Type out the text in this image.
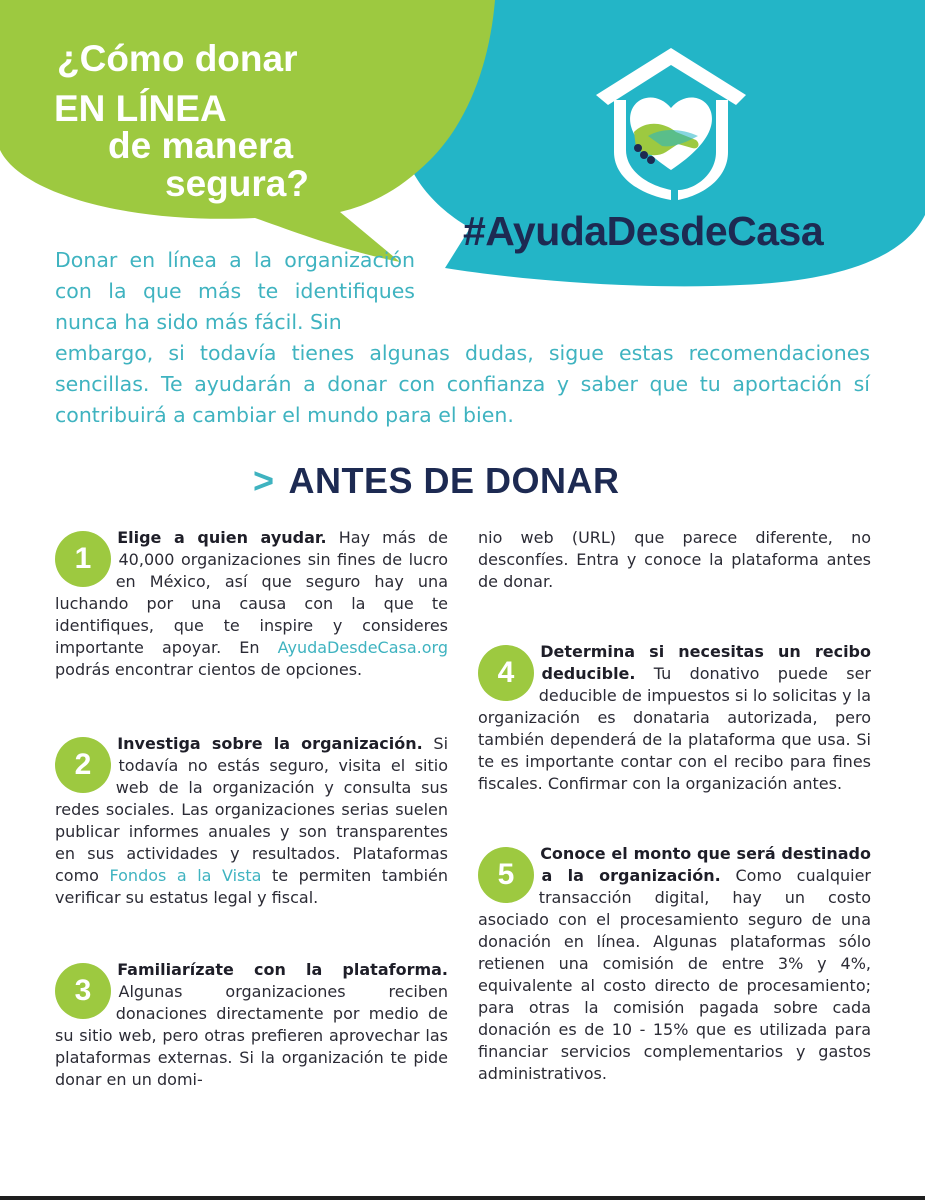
¿Cómo donar
EN LÍNEA
de manera
segura?
#AyudaDesdeCasa
Donar en línea a la organización con la que más te identifiques nunca ha sido más fácil. Sin
embargo, si todavía tienes algunas dudas, sigue estas recomendaciones sencillas. Te ayudarán a donar con confianza y saber que tu aportación sí contribuirá a cambiar el mundo para el bien.
> ANTES DE DONAR

1
Elige a quien ayudar. Hay más de 40,000 organizaciones sin fines de lucro en México, así que seguro hay una luchando por una causa con la que te identifiques, que te inspire y consideres importante apoyar. En AyudaDesdeCasa.org podrás encontrar cientos de opciones.

2
Investiga sobre la organización. Si todavía no estás seguro, visita el sitio web de la organización y consulta sus redes sociales. Las organizaciones serias suelen publicar informes anuales y son transparentes en sus actividades y resultados. Plataformas como Fondos a la Vista te permiten también verificar su estatus legal y fiscal.

3
Familiarízate con la plataforma. Algunas organizaciones reciben donaciones directamente por medio de su sitio web, pero otras prefieren aprovechar las plataformas externas. Si la organización te pide donar en un domi-

nio web (URL) que parece diferente, no desconfíes. Entra y conoce la plataforma antes de donar.

4
Determina si necesitas un recibo deducible. Tu donativo puede ser deducible de impuestos si lo solicitas y la organización es donataria autorizada, pero también dependerá de la plataforma que usa. Si te es importante contar con el recibo para fines fiscales. Confirmar con la organización antes.

5
Conoce el monto que será destinado a la organización. Como cualquier transacción digital, hay un costo asociado con el procesamiento seguro de una donación en línea. Algunas plataformas sólo retienen una comisión de entre 3% y 4%, equivalente al costo directo de procesamiento; para otras la comisión pagada sobre cada donación es de 10 - 15% que es utilizada para financiar servicios complementarios y gastos administrativos.
